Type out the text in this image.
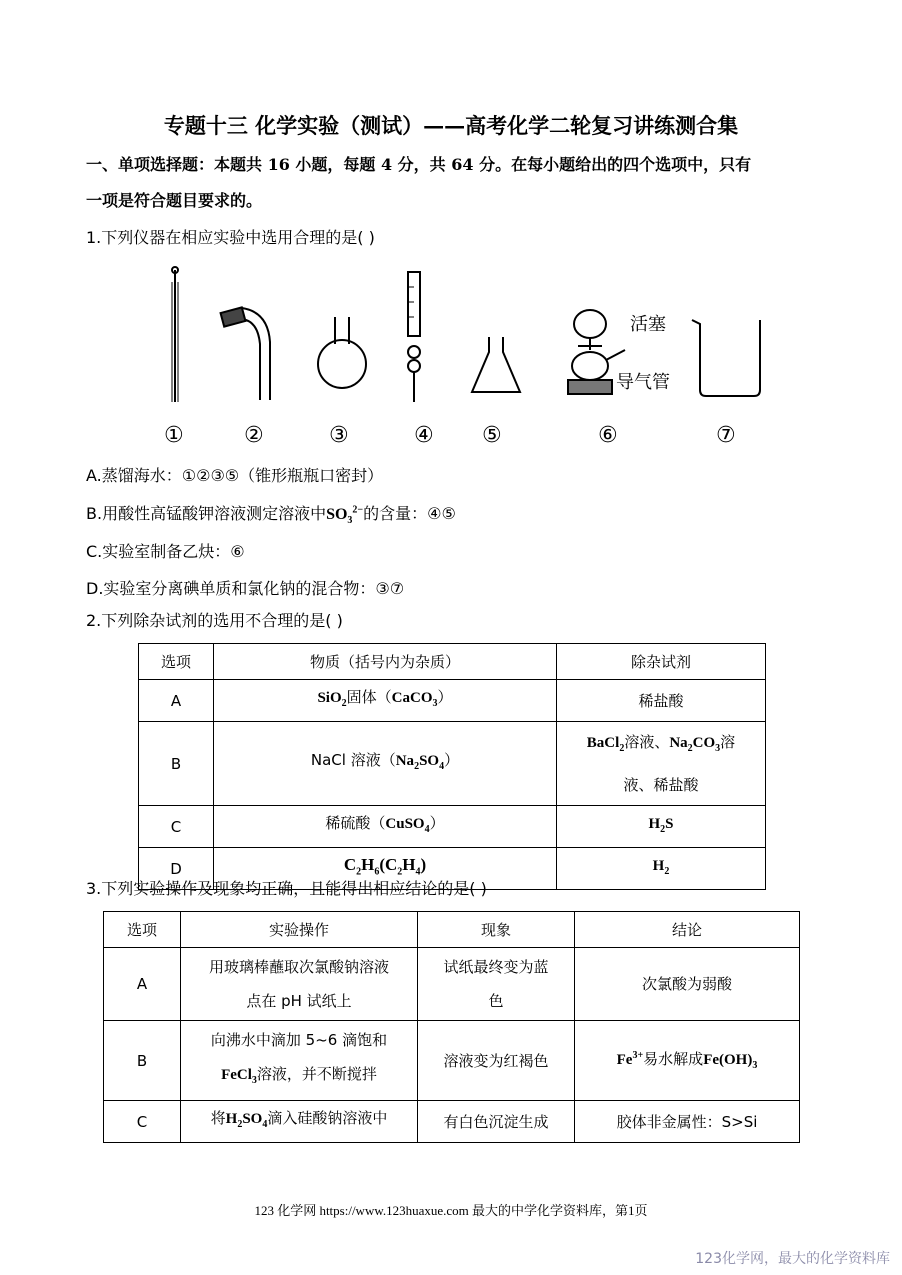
专题十三 化学实验（测试）——高考化学二轮复习讲练测合集
一、单项选择题：本题共 16 小题，每题 4 分，共 64 分。在每小题给出的四个选项中，只有
一项是符合题目要求的。
1.下列仪器在相应实验中选用合理的是( )
活塞
导气管
①	②	③	④ ⑤	⑥	⑦
A.蒸馏海水：①②③⑤（锥形瓶瓶口密封）
B.用酸性高锰酸钾溶液测定溶液中$SO_3^{2-}$的含量：④⑤
C.实验室制备乙炔：⑥
D.实验室分离碘单质和氯化钠的混合物：③⑦
2.下列除杂试剂的选用不合理的是( )
选项	物质（括号内为杂质）	除杂试剂
A	SiO$_2$固体（CaCO$_3$）	稀盐酸
B	NaCl 溶液$(Na_2SO_4)$	BaCl$_2$溶液、$Na_2CO_3$溶
液、稀盐酸
C	稀硫酸（CuSO$_4$）	$H_2S$
D	$C_2H_6(C_2H_4)$	$H_2$
3.下列实验操作及现象均正确，且能得出相应结论的是( )
选项	实验操作	现象	结论
A	用玻璃棒蘸取次氯酸钠溶液
点在 pH 试纸上	试纸最终变为蓝
色	次氯酸为弱酸
B	向沸水中滴加 5~6 滴饱和
FeCl$_3$溶液，并不断搅拌	溶液变为红褐色	$Fe^{3+}$易水解成$Fe(OH)_3$
C	将$H_2SO_4$滴入硅酸钠溶液中	有白色沉淀生成	胶体非金属性：S>Si
123 化学网 https://www.123huaxue.com 最大的中学化学资料库，第1页
123化学网，最大的化学资料库
